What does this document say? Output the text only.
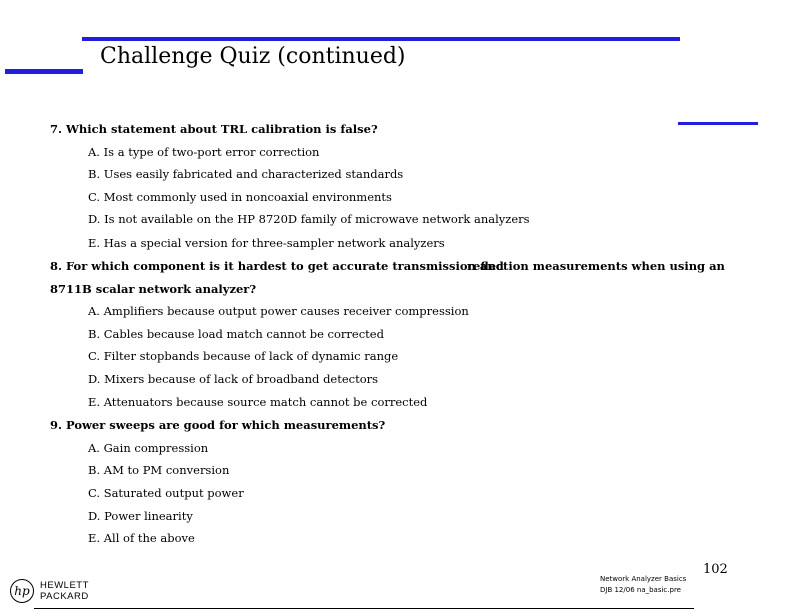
Challenge Quiz (continued)
7. Which statement about TRL calibration is false?
A. Is a type of two-port error correction
B. Uses easily fabricated and characterized standards
C. Most commonly used in noncoaxial environments
D. Is not available on the HP 8720D family of microwave network analyzers
E. Has a special version for three-sampler network analyzers
8. For which component is it hardest to get accurate transmission and
reflection measurements when using an
8711B scalar network analyzer?
A. Amplifiers because output power causes receiver compression
B. Cables because load match cannot be corrected
C. Filter stopbands because of lack of dynamic range
D. Mixers because of lack of broadband detectors
E. Attenuators because source match cannot be corrected
9. Power sweeps are good for which measurements?
A. Gain compression
B. AM to PM conversion
C. Saturated output power
D. Power linearity
E. All of the above
hp	HEWLETT
PACKARD
Network Analyzer Basics
DJB 12/06 na_basic.pre
102
